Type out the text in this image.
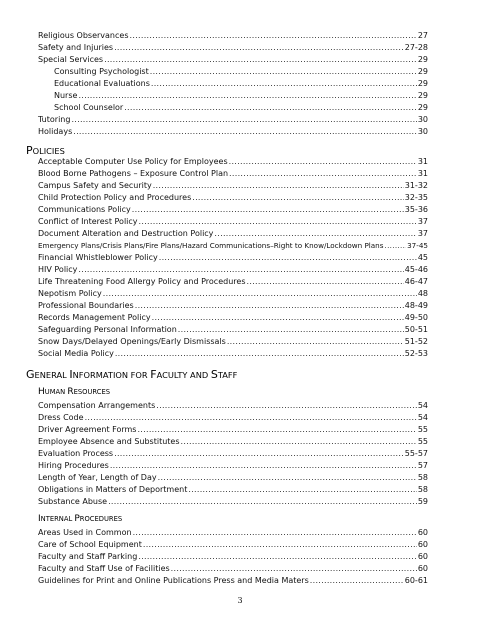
Religious Observances .....	27
Safety and Injuries .....	27-28
Special Services .....	29
Consulting Psychologist .....	29
Educational Evaluations .....	29
Nurse .....	29
School Counselor .....	29
Tutoring .....	30
Holidays .....	30
POLICIES
Acceptable Computer Use Policy for Employees .....	31
Blood Borne Pathogens – Exposure Control Plan .....	31
Campus Safety and Security .....	31-32
Child Protection Policy and Procedures .....	32-35
Communications Policy .....	35-36
Conflict of Interest Policy .....	37
Document Alteration and Destruction Policy .....	37
Emergency Plans/Crisis Plans/Fire Plans/Hazard Communications–Right to Know/Lockdown Plans .....	37-45
Financial Whistleblower Policy .....	45
HIV Policy .....	45-46
Life Threatening Food Allergy Policy and Procedures .....	46-47
Nepotism Policy .....	48
Professional Boundaries .....	48-49
Records Management Policy .....	49-50
Safeguarding Personal Information .....	50-51
Snow Days/Delayed Openings/Early Dismissals .....	51-52
Social Media Policy .....	52-53
GENERAL INFORMATION FOR FACULTY AND STAFF
HUMAN RESOURCES
Compensation Arrangements .....	54
Dress Code .....	54
Driver Agreement Forms .....	55
Employee Absence and Substitutes .....	55
Evaluation Process .....	55-57
Hiring Procedures .....	57
Length of Year, Length of Day .....	58
Obligations in Matters of Deportment .....	58
Substance Abuse .....	59
INTERNAL PROCEDURES
Areas Used in Common .....	60
Care of School Equipment .....	60
Faculty and Staff Parking .....	60
Faculty and Staff Use of Facilities .....	60
Guidelines for Print and Online Publications Press and Media Maters .....	60-61
3
